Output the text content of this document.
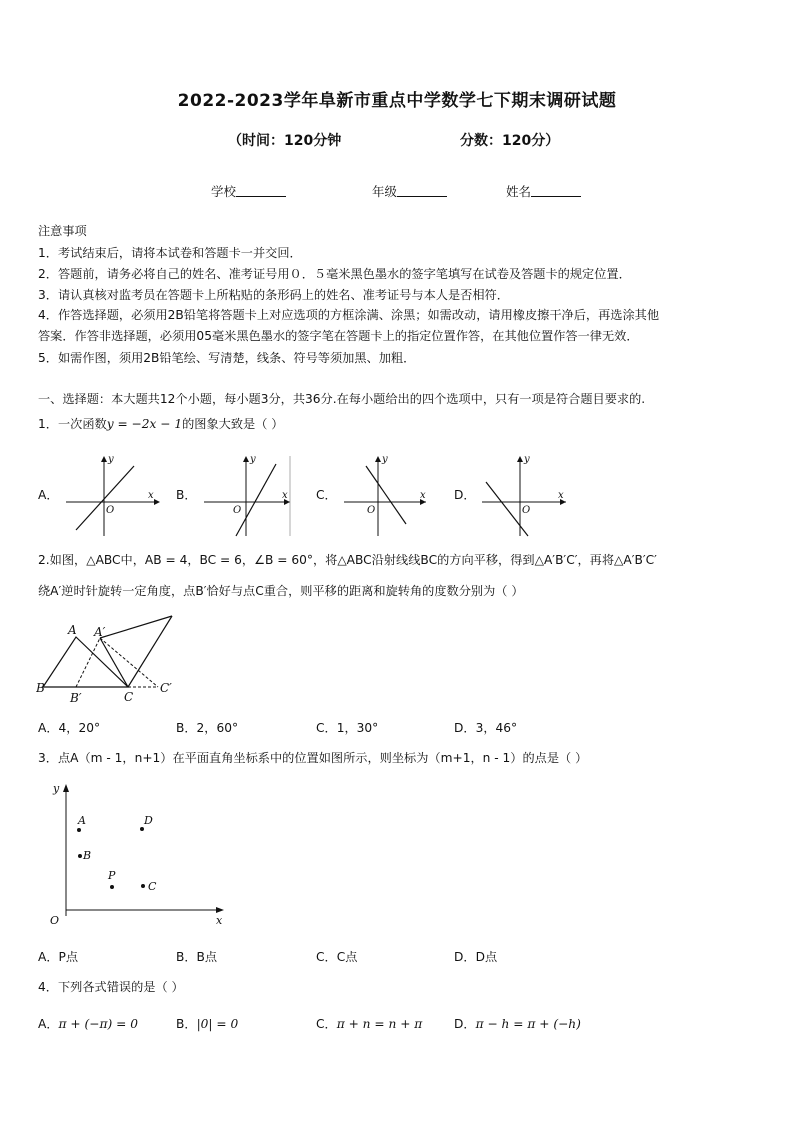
2022-2023学年阜新市重点中学数学七下期末调研试题
（时间：120分钟	分数：120分）
学校	年级	姓名
注意事项
1．考试结束后，请将本试卷和答题卡一并交回．
2．答题前，请务必将自己的姓名、准考证号用０．５毫米黑色墨水的签字笔填写在试卷及答题卡的规定位置．
3．请认真核对监考员在答题卡上所粘贴的条形码上的姓名、准考证号与本人是否相符．
4．作答选择题，必须用2B铅笔将答题卡上对应选项的方框涂满、涂黑；如需改动，请用橡皮擦干净后，再选涂其他
答案．作答非选择题，必须用05毫米黑色墨水的签字笔在答题卡上的指定位置作答，在其他位置作答一律无效．
5．如需作图，须用2B铅笔绘、写清楚，线条、符号等须加黑、加粗．
一、选择题：本大题共12个小题，每小题3分，共36分.在每小题给出的四个选项中，只有一项是符合题目要求的.
1．一次函数y = −2x − 1的图象大致是（ ）
A．	B．	C．	D．
y
x
O
y
x
O
y
x
O
y
x
O
2.如图，△ABC中，AB = 4，BC = 6，∠B = 60°，将△ABC沿射线线BC的方向平移，得到△A′B′C′，再将△A′B′C′
绕A′逆时针旋转一定角度，点B′恰好与点C重合，则平移的距离和旋转角的度数分别为（ ）
A A′
B
B′	C
C′
A．4，20°	B．2，60°	C．1，30°	D．3，46°
3．点A（m - 1，n+1）在平面直角坐标系中的位置如图所示，则坐标为（m+1，n - 1）的点是（ ）
A
B
D
P
C
O	x
y
A．P点	B．B点	C．C点	D．D点
4．下列各式错误的是（ ）
A．π + (−π) = 0	B．|0| = 0	C．π + n = n + π	D．π − h = π + (−h)
